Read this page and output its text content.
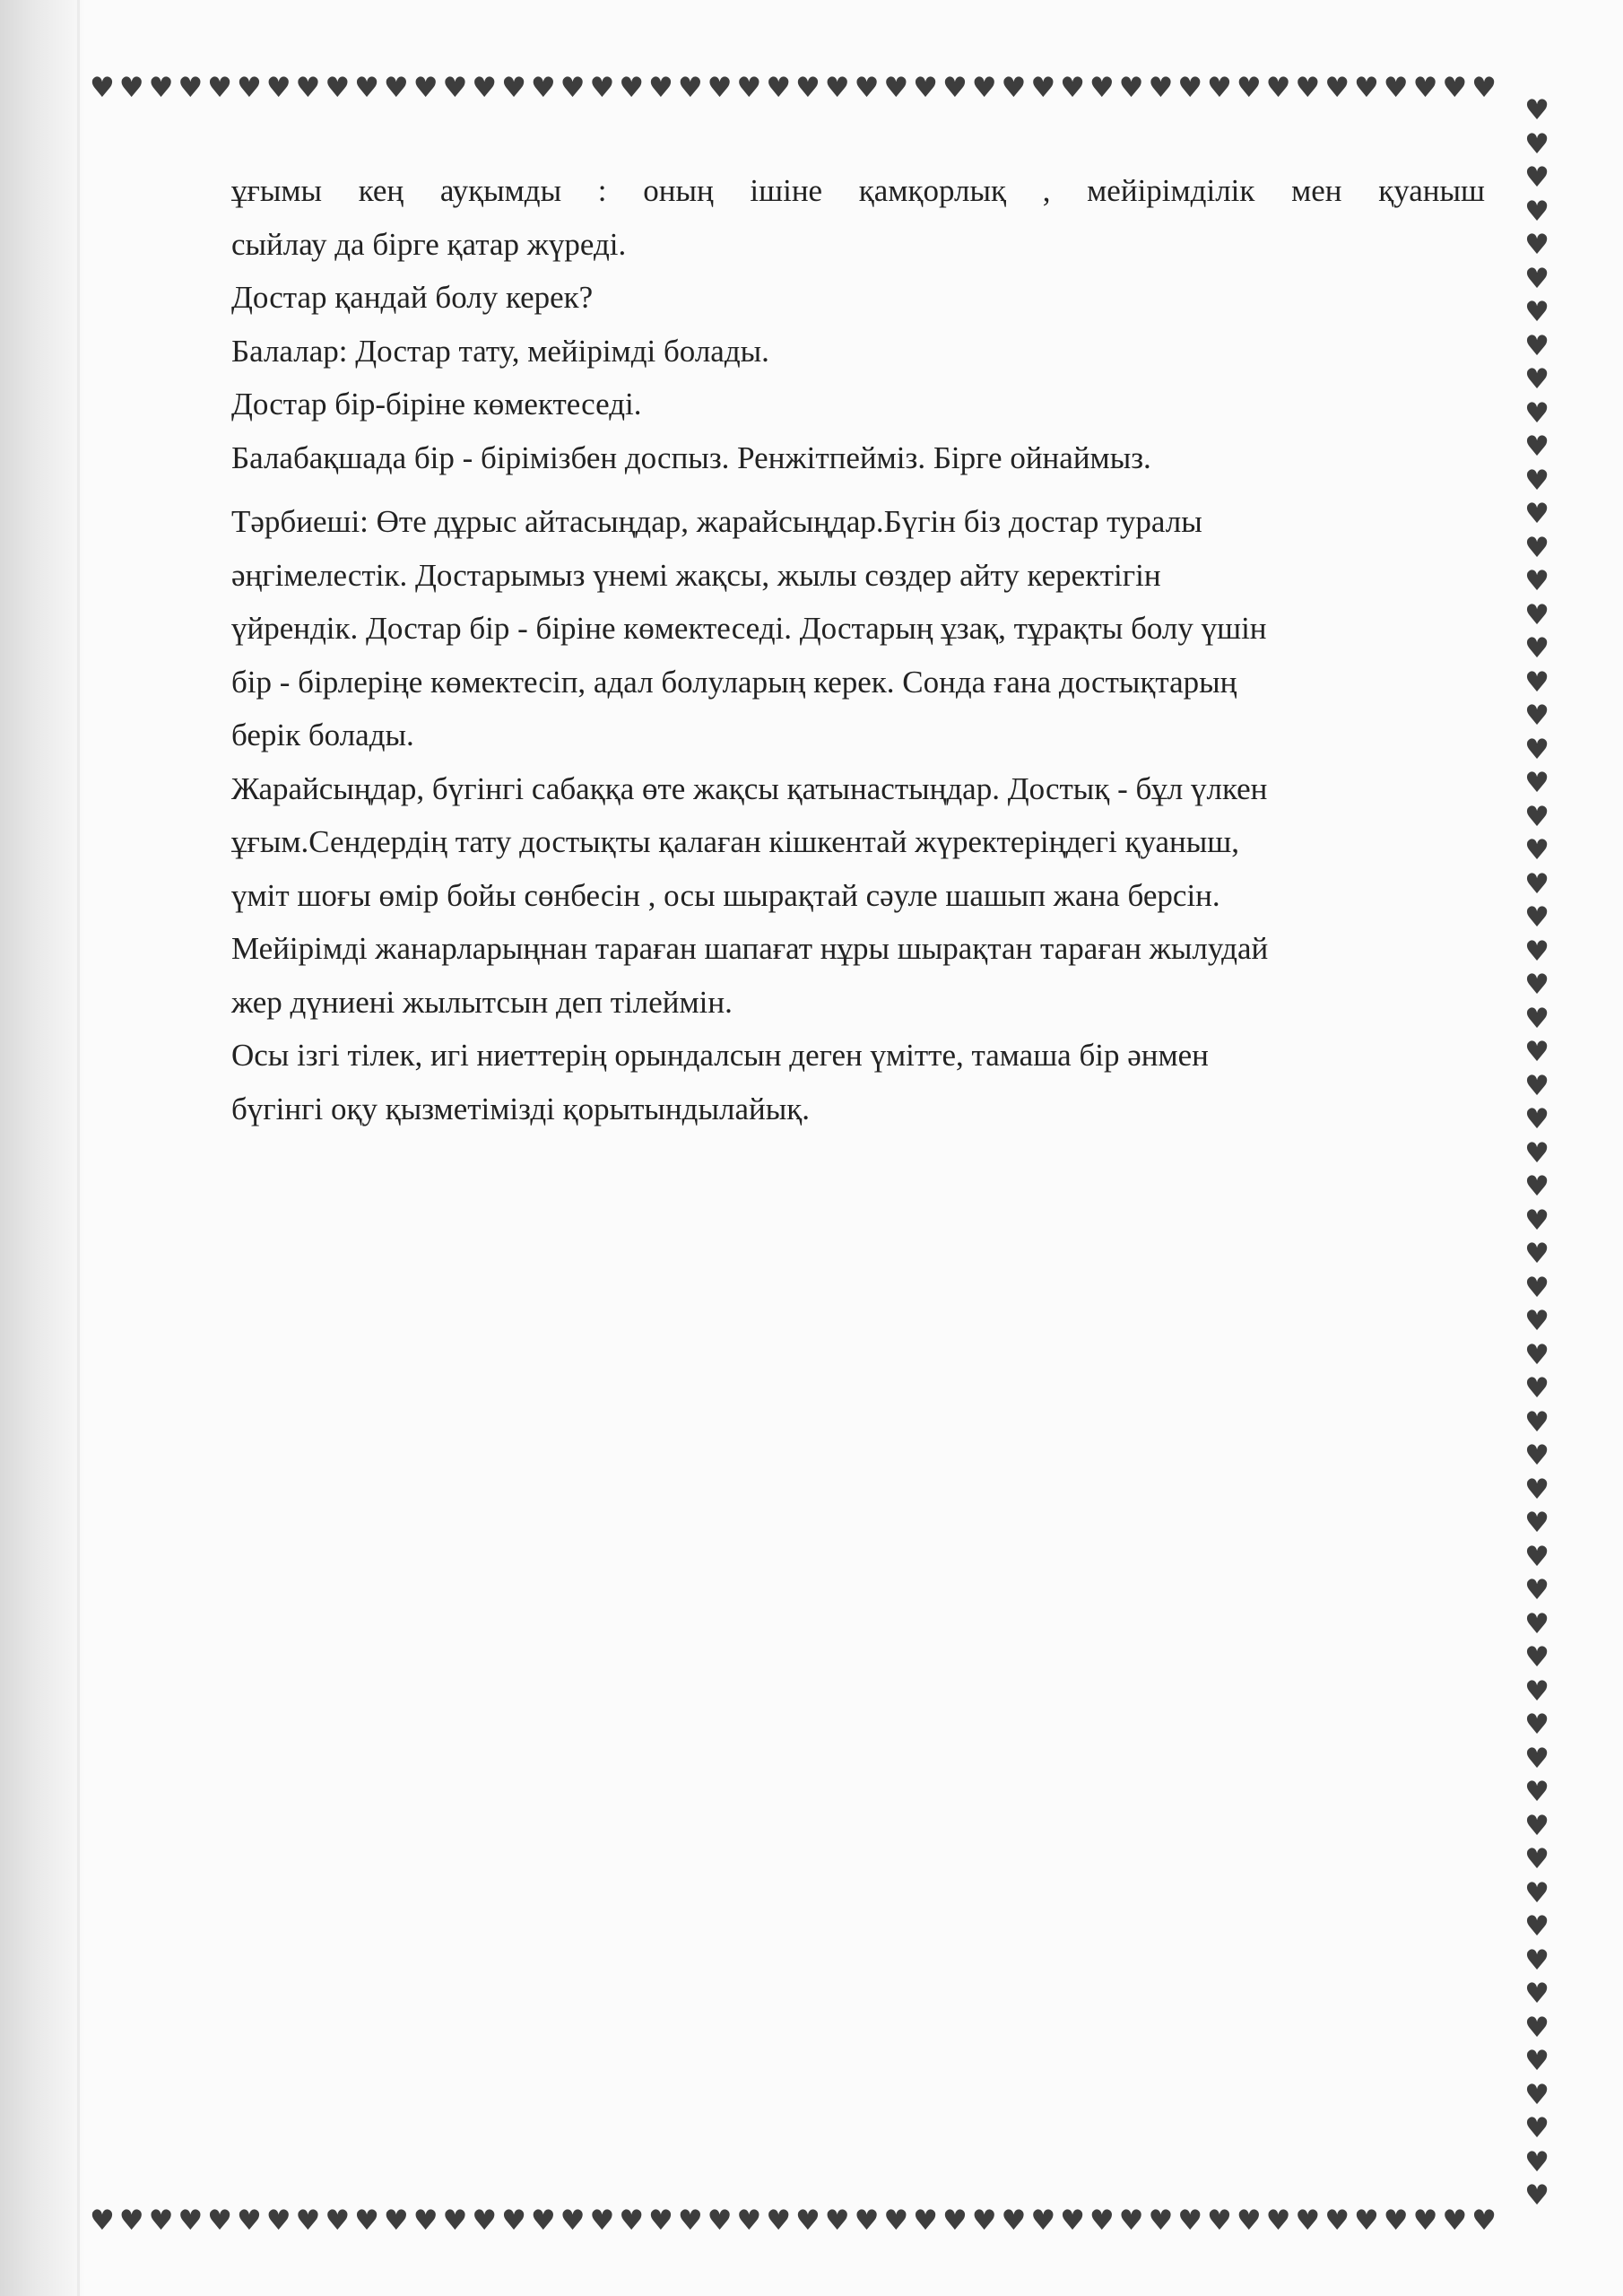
♥♥♥♥♥♥♥♥♥♥♥♥♥♥♥♥♥♥♥♥♥♥♥♥♥♥♥♥♥♥♥♥♥♥♥♥♥♥♥♥♥♥♥♥♥♥♥♥
♥
♥
♥
♥
♥
♥
♥
♥
♥
♥
♥
♥
♥
♥
♥
♥
♥
♥
♥
♥
♥
♥
♥
♥
♥
♥
♥
♥
♥
♥
♥
♥
♥
♥
♥
♥
♥
♥
♥
♥
♥
♥
♥
♥
♥
♥
♥
♥
♥
♥
♥
♥
♥
♥
♥
♥
♥
♥
♥
♥
♥
♥
♥
♥♥♥♥♥♥♥♥♥♥♥♥♥♥♥♥♥♥♥♥♥♥♥♥♥♥♥♥♥♥♥♥♥♥♥♥♥♥♥♥♥♥♥♥♥♥♥♥
ұғымы кең ауқымды : оның ішіне қамқорлық , мейірімділік мен қуаныш
сыйлау да бірге қатар жүреді.
Достар қандай болу керек?
Балалар: Достар тату, мейірімді болады.
Достар бір-біріне көмектеседі.
Балабақшада бір - бірімізбен доспыз. Ренжітпейміз. Бірге ойнаймыз.
Тәрбиеші: Өте дұрыс айтасыңдар, жарайсыңдар.Бүгін біз достар туралы
әңгімелестік. Достарымыз үнемі жақсы, жылы сөздер айту керектігін
үйрендік. Достар бір - біріне көмектеседі. Достарың ұзақ, тұрақты болу үшін
бір - бірлеріңе көмектесіп, адал болуларың керек. Сонда ғана достықтарың
берік болады.
Жарайсыңдар, бүгінгі сабаққа өте жақсы қатынастыңдар. Достық - бұл үлкен
ұғым.Сендердің тату достықты қалаған кішкентай жүректеріңдегі қуаныш,
үміт шоғы өмір бойы сөнбесін , осы шырақтай сәуле шашып жана берсін.
Мейірімді жанарларыңнан тараған шапағат нұры шырақтан тараған жылудай
жер дүниені жылытсын деп тілеймін.
Осы ізгі тілек, игі ниеттерің орындалсын деген үмітте, тамаша бір әнмен
бүгінгі оқу қызметімізді қорытындылайық.
